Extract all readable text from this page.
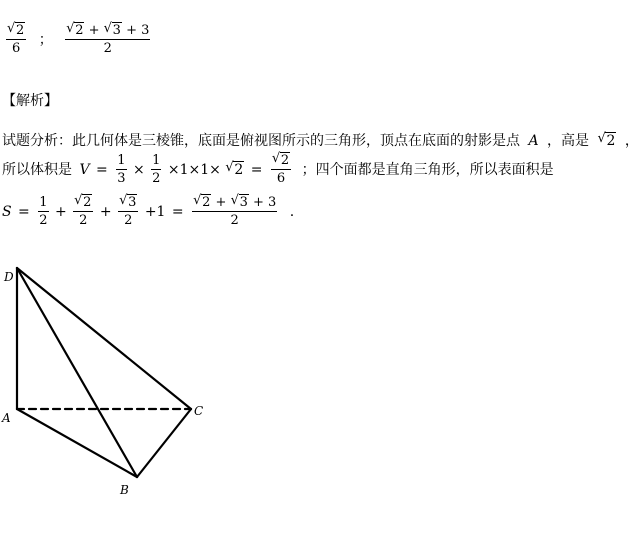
$\frac{√ 2}{6}$ ； $\frac{√ 2 + √ 3 + 3}{2}$
【解析】
试题分析：此几何体是三棱锥，底面是俯视图所示的三角形，顶点在底面的射影是点 A ，高是 √ 2 ，
所以体积是 $V = \frac{1}{3} \times \frac{1}{2} \times 1\times 1\times$ √ $2 = \frac{√ 2}{6}$ ；四个面都是直角三角形，所以表面积是
$S = \frac{1}{2} + \frac{√ 2}{2} + \frac{√ 3}{2} +1 = \frac{√ 2 + √ 3 + 3}{2}$ .
D
A
B
C
